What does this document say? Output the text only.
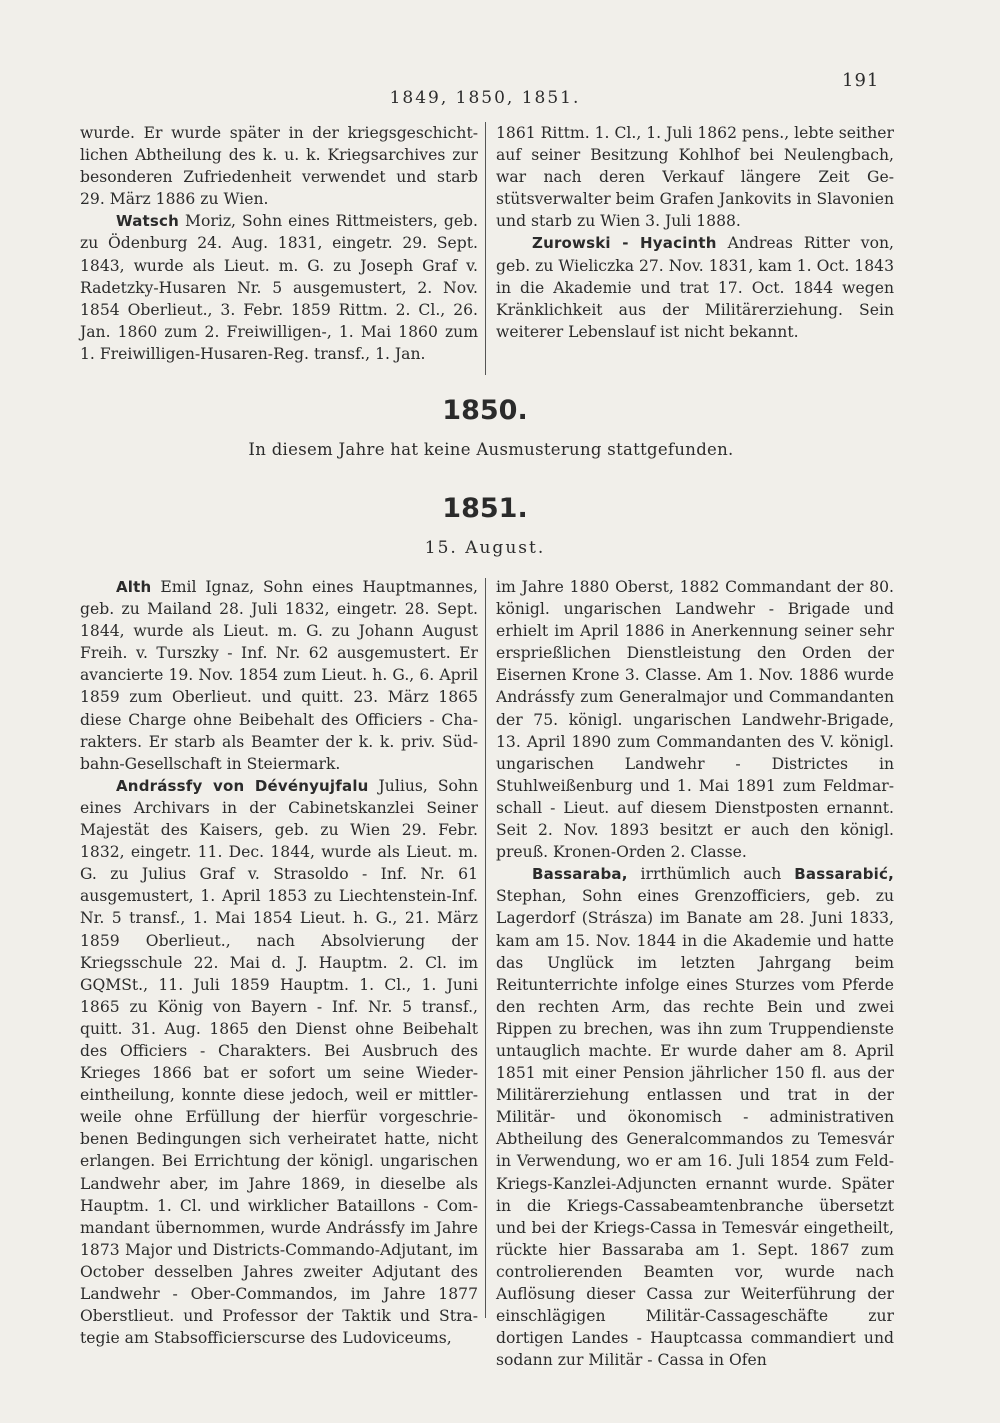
1849, 1850, 1851.
191

wurde. Er wurde später in der kriegsgeschichtlichen Abtheilung des k. u. k. Kriegsarchives zur besonderen Zufriedenheit verwendet und starb 29. März 1886 zu Wien.

Watsch Moriz, Sohn eines Rittmeisters, geb. zu Ödenburg 24. Aug. 1831, eingetr. 29. Sept. 1843, wurde als Lieut. m. G. zu Joseph Graf v. Radetzky-Husaren Nr. 5 ausgemustert, 2. Nov. 1854 Oberlieut., 3. Febr. 1859 Rittm. 2. Cl., 26. Jan. 1860 zum 2. Freiwilligen-, 1. Mai 1860 zum 1. Freiwilligen-Husaren-Reg. transf., 1. Jan.

1861 Rittm. 1. Cl., 1. Juli 1862 pens., lebte seither auf seiner Besitzung Kohlhof bei Neulengbach, war nach deren Verkauf längere Zeit Gestütsverwalter beim Grafen Jankovits in Slavonien und starb zu Wien 3. Juli 1888.

Zurowski - Hyacinth Andreas Ritter von, geb. zu Wieliczka 27. Nov. 1831, kam 1. Oct. 1843 in die Akademie und trat 17. Oct. 1844 wegen Kränklichkeit aus der Militärerziehung. Sein weiterer Lebenslauf ist nicht bekannt.

1850.
In diesem Jahre hat keine Ausmusterung stattgefunden.
1851.
15. August.

Alth Emil Ignaz, Sohn eines Hauptmannes, geb. zu Mailand 28. Juli 1832, eingetr. 28. Sept. 1844, wurde als Lieut. m. G. zu Johann August Freih. v. Turszky - Inf. Nr. 62 ausgemustert. Er avancierte 19. Nov. 1854 zum Lieut. h. G., 6. April 1859 zum Oberlieut. und quitt. 23. März 1865 diese Charge ohne Beibehalt des Officiers - Charakters. Er starb als Beamter der k. k. priv. Südbahn-Gesellschaft in Steiermark.

Andrássfy von Dévényujfalu Julius, Sohn eines Archivars in der Cabinetskanzlei Seiner Majestät des Kaisers, geb. zu Wien 29. Febr. 1832, eingetr. 11. Dec. 1844, wurde als Lieut. m. G. zu Julius Graf v. Strasoldo - Inf. Nr. 61 ausgemustert, 1. April 1853 zu Liechtenstein-Inf. Nr. 5 transf., 1. Mai 1854 Lieut. h. G., 21. März 1859 Oberlieut., nach Absolvierung der Kriegsschule 22. Mai d. J. Hauptm. 2. Cl. im GQMSt., 11. Juli 1859 Hauptm. 1. Cl., 1. Juni 1865 zu König von Bayern - Inf. Nr. 5 transf., quitt. 31. Aug. 1865 den Dienst ohne Beibehalt des Officiers - Charakters. Bei Ausbruch des Krieges 1866 bat er sofort um seine Wiedereintheilung, konnte diese jedoch, weil er mittlerweile ohne Erfüllung der hierfür vorgeschriebenen Bedingungen sich verheiratet hatte, nicht erlangen. Bei Errichtung der königl. ungarischen Landwehr aber, im Jahre 1869, in dieselbe als Hauptm. 1. Cl. und wirklicher Bataillons - Commandant übernommen, wurde Andrássfy im Jahre 1873 Major und Districts-Commando-Adjutant, im October desselben Jahres zweiter Adjutant des Landwehr - Ober-Commandos, im Jahre 1877 Oberstlieut. und Professor der Taktik und Strategie am Stabsofficierscurse des Ludoviceums,

im Jahre 1880 Oberst, 1882 Commandant der 80. königl. ungarischen Landwehr - Brigade und erhielt im April 1886 in Anerkennung seiner sehr ersprießlichen Dienstleistung den Orden der Eisernen Krone 3. Classe. Am 1. Nov. 1886 wurde Andrássfy zum Generalmajor und Commandanten der 75. königl. ungarischen Landwehr-Brigade, 13. April 1890 zum Commandanten des V. königl. ungarischen Landwehr - Districtes in Stuhlweißenburg und 1. Mai 1891 zum Feldmarschall - Lieut. auf diesem Dienstposten ernannt. Seit 2. Nov. 1893 besitzt er auch den königl. preuß. Kronen-Orden 2. Classe.

Bassaraba, irrthümlich auch Bassarabić, Stephan, Sohn eines Grenzofficiers, geb. zu Lagerdorf (Strásza) im Banate am 28. Juni 1833, kam am 15. Nov. 1844 in die Akademie und hatte das Unglück im letzten Jahrgang beim Reitunterrichte infolge eines Sturzes vom Pferde den rechten Arm, das rechte Bein und zwei Rippen zu brechen, was ihn zum Truppendienste untauglich machte. Er wurde daher am 8. April 1851 mit einer Pension jährlicher 150 fl. aus der Militärerziehung entlassen und trat in der Militär- und ökonomisch - administrativen Abtheilung des Generalcommandos zu Temesvár in Verwendung, wo er am 16. Juli 1854 zum Feld-Kriegs-Kanzlei-Adjuncten ernannt wurde. Später in die Kriegs-Cassabeamtenbranche übersetzt und bei der Kriegs-Cassa in Temesvár eingetheilt, rückte hier Bassaraba am 1. Sept. 1867 zum controlierenden Beamten vor, wurde nach Auflösung dieser Cassa zur Weiterführung der einschlägigen Militär-Cassageschäfte zur dortigen Landes - Hauptcassa commandiert und sodann zur Militär - Cassa in Ofen
